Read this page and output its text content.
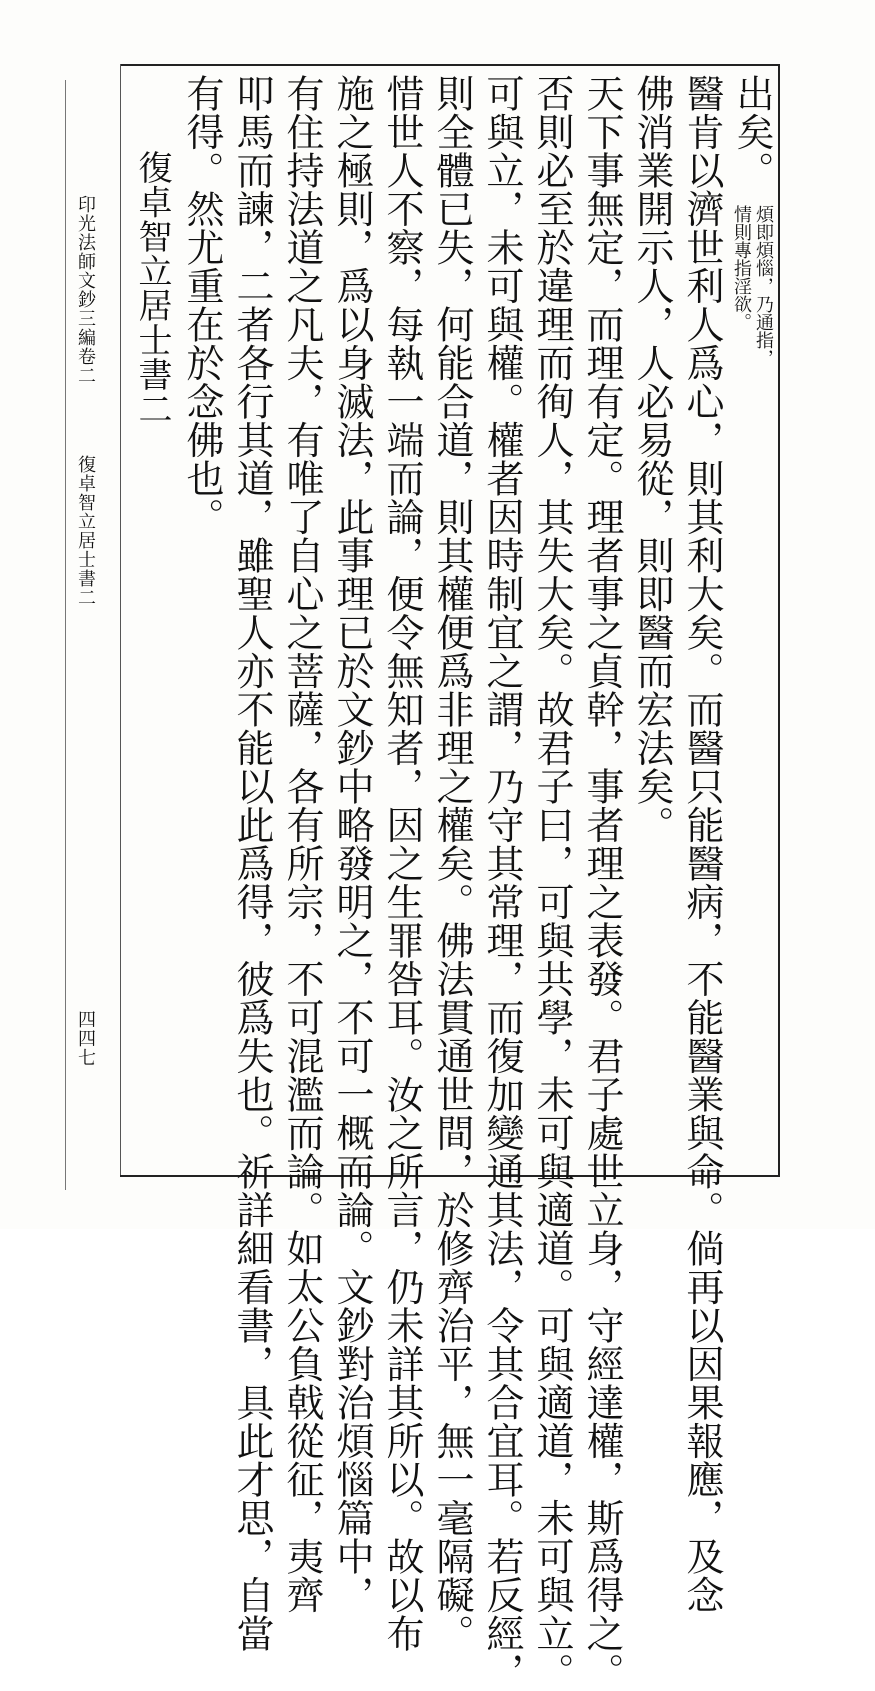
出矣。
煩即煩惱，乃通指，
情則專指淫欲。
醫肯以濟世利人爲心，則其利大矣。而醫只能醫病，不能醫業與命。倘再以因果報應，及念
佛消業開示人，人必易從，則即醫而宏法矣。
天下事無定，而理有定。理者事之貞幹，事者理之表發。君子處世立身，守經達權，斯爲得之。
否則必至於違理而徇人，其失大矣。故君子曰，可與共學，未可與適道。可與適道，未可與立。
可與立，未可與權。權者因時制宜之謂，乃守其常理，而復加變通其法，令其合宜耳。若反經，
則全體已失，何能合道，則其權便爲非理之權矣。佛法貫通世間，於修齊治平，無一毫隔礙。
惜世人不察，每執一端而論，便令無知者，因之生罪咎耳。汝之所言，仍未詳其所以。故以布
施之極則，爲以身滅法，此事理已於文鈔中略發明之，不可一概而論。文鈔對治煩惱篇中，
有住持法道之凡夫，有唯了自心之菩薩，各有所宗，不可混濫而論。如太公負戟從征，夷齊
叩馬而諫，二者各行其道，雖聖人亦不能以此爲得，彼爲失也。祈詳細看書，具此才思，自當
有得。然尤重在於念佛也。
復卓智立居士書二
印光法師文鈔三編卷二
復卓智立居士書二
四四七
